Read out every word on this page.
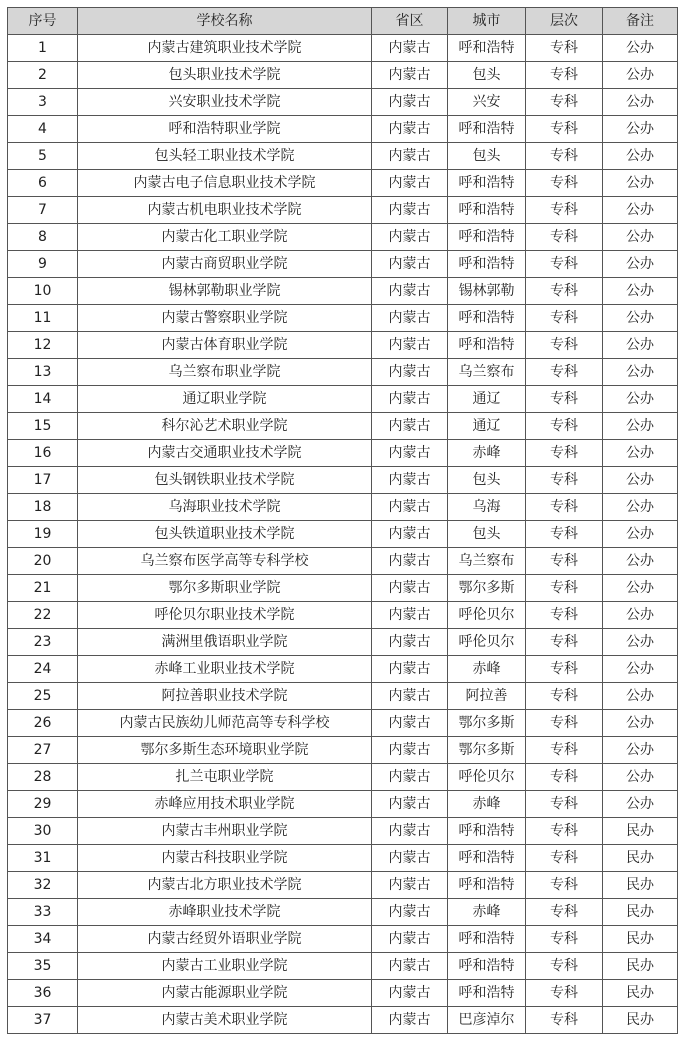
序号	学校名称	省区	城市	层次	备注
1	内蒙古建筑职业技术学院	内蒙古	呼和浩特	专科	公办
2	包头职业技术学院	内蒙古	包头	专科	公办
3	兴安职业技术学院	内蒙古	兴安	专科	公办
4	呼和浩特职业学院	内蒙古	呼和浩特	专科	公办
5	包头轻工职业技术学院	内蒙古	包头	专科	公办
6	内蒙古电子信息职业技术学院	内蒙古	呼和浩特	专科	公办
7	内蒙古机电职业技术学院	内蒙古	呼和浩特	专科	公办
8	内蒙古化工职业学院	内蒙古	呼和浩特	专科	公办
9	内蒙古商贸职业学院	内蒙古	呼和浩特	专科	公办
10	锡林郭勒职业学院	内蒙古	锡林郭勒	专科	公办
11	内蒙古警察职业学院	内蒙古	呼和浩特	专科	公办
12	内蒙古体育职业学院	内蒙古	呼和浩特	专科	公办
13	乌兰察布职业学院	内蒙古	乌兰察布	专科	公办
14	通辽职业学院	内蒙古	通辽	专科	公办
15	科尔沁艺术职业学院	内蒙古	通辽	专科	公办
16	内蒙古交通职业技术学院	内蒙古	赤峰	专科	公办
17	包头钢铁职业技术学院	内蒙古	包头	专科	公办
18	乌海职业技术学院	内蒙古	乌海	专科	公办
19	包头铁道职业技术学院	内蒙古	包头	专科	公办
20	乌兰察布医学高等专科学校	内蒙古	乌兰察布	专科	公办
21	鄂尔多斯职业学院	内蒙古	鄂尔多斯	专科	公办
22	呼伦贝尔职业技术学院	内蒙古	呼伦贝尔	专科	公办
23	满洲里俄语职业学院	内蒙古	呼伦贝尔	专科	公办
24	赤峰工业职业技术学院	内蒙古	赤峰	专科	公办
25	阿拉善职业技术学院	内蒙古	阿拉善	专科	公办
26	内蒙古民族幼儿师范高等专科学校	内蒙古	鄂尔多斯	专科	公办
27	鄂尔多斯生态环境职业学院	内蒙古	鄂尔多斯	专科	公办
28	扎兰屯职业学院	内蒙古	呼伦贝尔	专科	公办
29	赤峰应用技术职业学院	内蒙古	赤峰	专科	公办
30	内蒙古丰州职业学院	内蒙古	呼和浩特	专科	民办
31	内蒙古科技职业学院	内蒙古	呼和浩特	专科	民办
32	内蒙古北方职业技术学院	内蒙古	呼和浩特	专科	民办
33	赤峰职业技术学院	内蒙古	赤峰	专科	民办
34	内蒙古经贸外语职业学院	内蒙古	呼和浩特	专科	民办
35	内蒙古工业职业学院	内蒙古	呼和浩特	专科	民办
36	内蒙古能源职业学院	内蒙古	呼和浩特	专科	民办
37	内蒙古美术职业学院	内蒙古	巴彦淖尔	专科	民办
